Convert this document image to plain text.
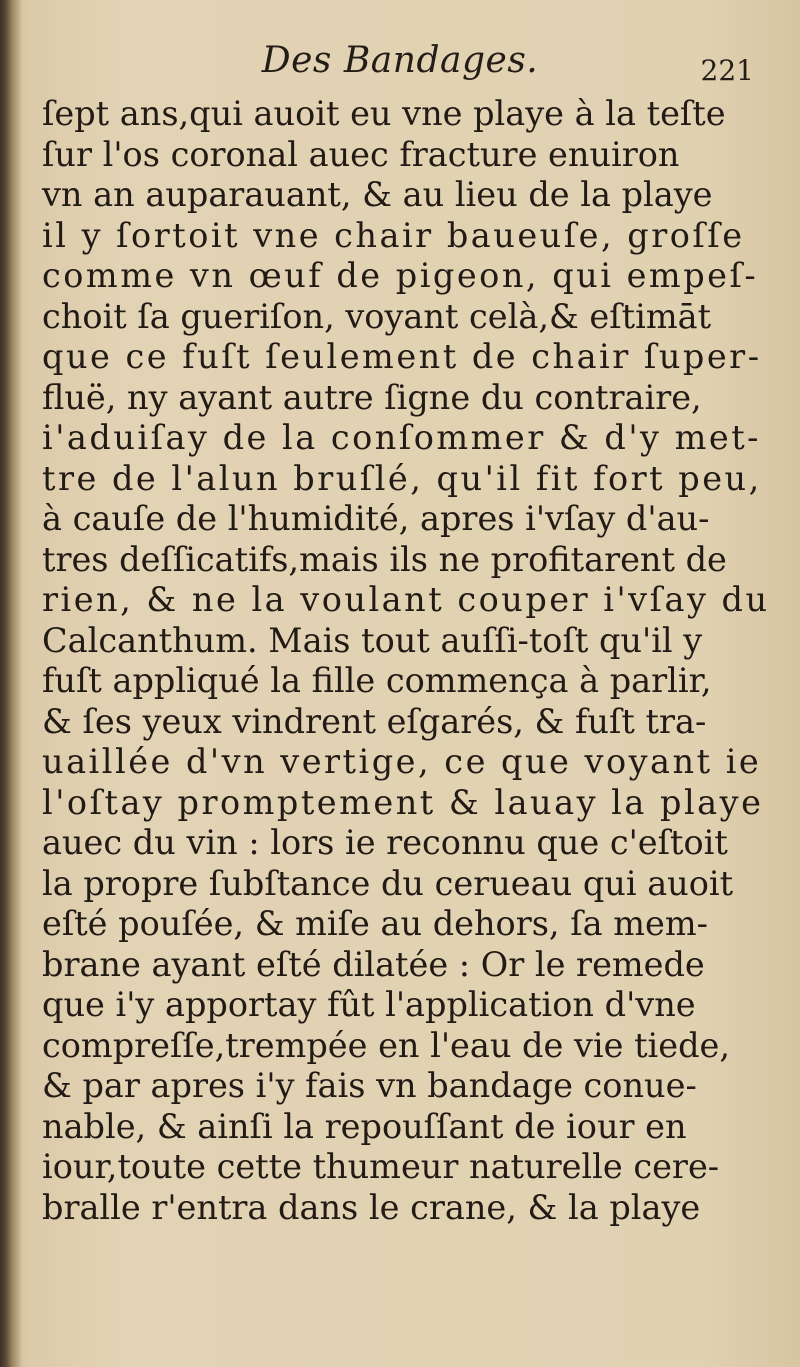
Des Bandages.	221
ſept ans,qui auoit eu vne playe à la teſte
ſur l'os coronal auec fracture enuiron
vn an auparauant, & au lieu de la playe
il y ſortoit vne chair baueuſe, groſſe
comme vn œuf de pigeon, qui empeſ-
choit ſa gueriſon, voyant celà,& eſtimāt
que ce fuſt ſeulement de chair ſuper-
fluë, ny ayant autre ſigne du contraire,
i'aduiſay de la conſommer & d'y met-
tre de l'alun bruſlé, qu'il fit fort peu,
à cauſe de l'humidité, apres i'vſay d'au-
tres deſſicatifs,mais ils ne profitarent de
rien, & ne la voulant couper i'vſay du
Calcanthum. Mais tout auſſi-toſt qu'il y
fuſt appliqué la fille commença à parlir,
& ſes yeux vindrent eſgarés, & fuſt tra-
uaillée d'vn vertige, ce que voyant ie
l'oſtay promptement & lauay la playe
auec du vin : lors ie reconnu que c'eſtoit
la propre ſubſtance du cerueau qui auoit
eſté pouſée, & miſe au dehors, ſa mem-
brane ayant eſté dilatée : Or le remede
que i'y apportay fût l'application d'vne
compreſſe,trempée en l'eau de vie tiede,
& par apres i'y fais vn bandage conue-
nable, & ainſi la repouſſant de iour en
iour,toute cette thumeur naturelle cere-
bralle r'entra dans le crane, & la playe
